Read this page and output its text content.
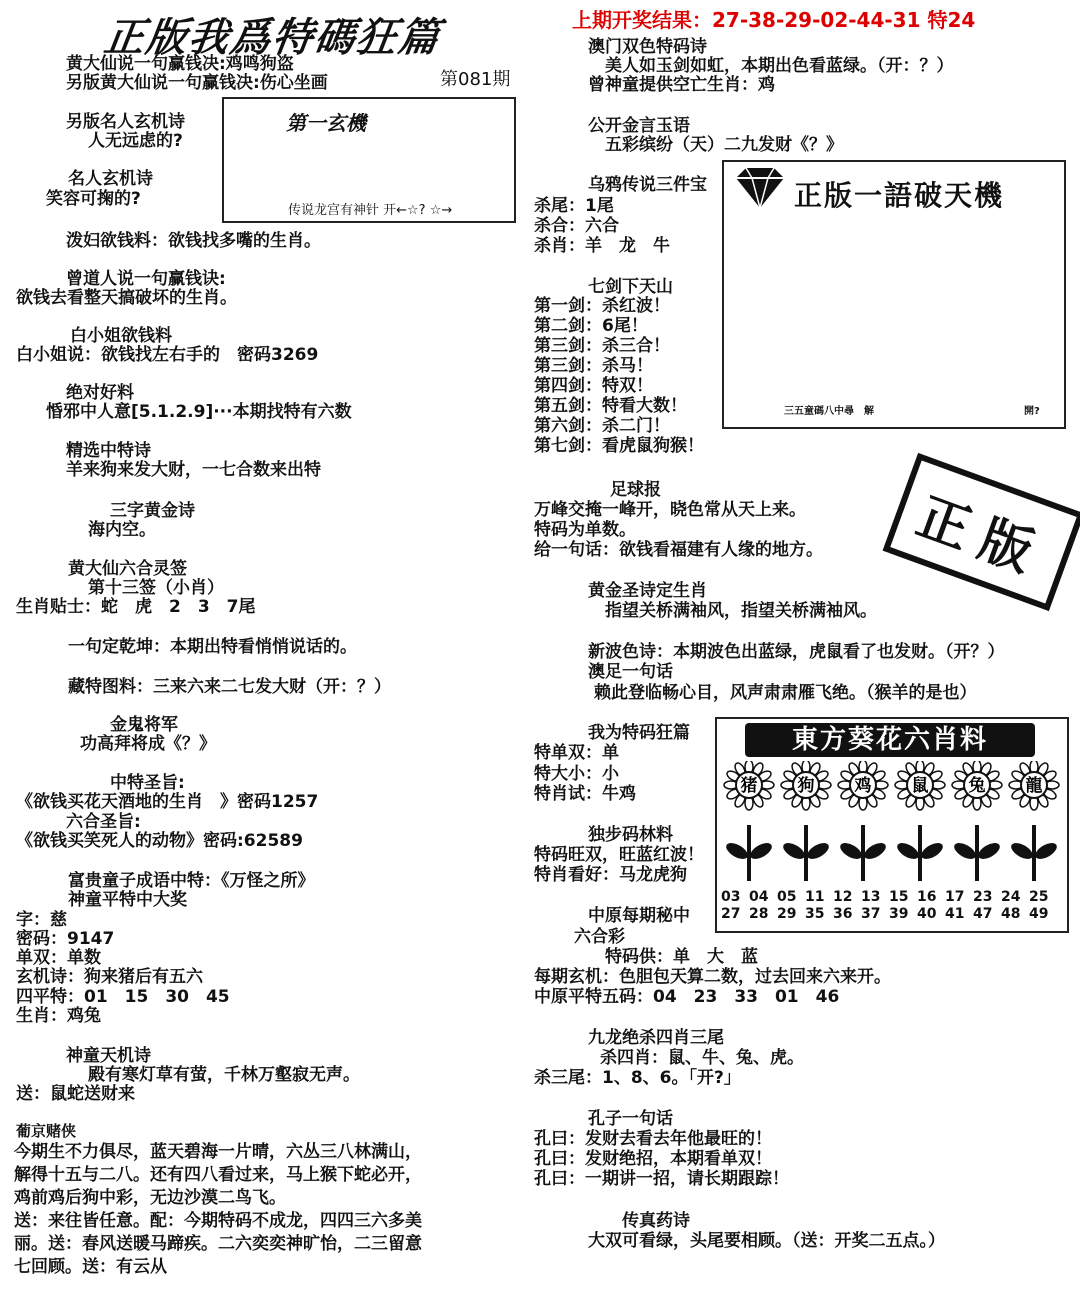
正版我爲特碼狂篇	上期开奖结果：27-38-29-02-44-31 特24
第081期
黄大仙说一句赢钱决:鸡鸣狗盗
另版黄大仙说一句赢钱决:伤心坐画
第一玄機
传说龙宫有神针 开←☆? ☆→
另版名人玄机诗
人无远虑的?
名人玄机诗
笑容可掬的?
泼妇欲钱料：欲钱找多嘴的生肖。
曾道人说一句赢钱诀:
欲钱去看整天搞破坏的生肖。
白小姐欲钱料
白小姐说：欲钱找左右手的　密码3269
绝对好料
惛邪中人意[5.1.2.9]···本期找特有六数
精选中特诗
羊来狗来发大财，一七合数来出特
三字黄金诗
海内空。
黄大仙六合灵签
第十三签（小肖）
生肖贴士：蛇　虎　2　3　7尾
一句定乾坤：本期出特看悄悄说话的。
藏特图料：三来六来二七发大财（开：？）
金鬼将军
功高拜将成《？》
中特圣旨:
《欲钱买花天酒地的生肖　》密码1257
六合圣旨:
《欲钱买笑死人的动物》密码:62589
富贵童子成语中特：《万怪之所》
神童平特中大奖
字：慈
密码：9147
单双：单数
玄机诗：狗来猪后有五六
四平特：01　15　30　45
生肖：鸡兔
神童天机诗
殿有寒灯草有萤，千林万壑寂无声。
送：鼠蛇送财来
葡京赌侠
今期生不力俱尽，蓝天碧海一片晴，六丛三八林满山，
解得十五与二八。还有四八看过来，马上猴下蛇必开，
鸡前鸡后狗中彩，无边沙漠二鸟飞。
送：来往皆任意。配：今期特码不成龙，四四三六多美
丽。送：春风送暖马蹄疾。二六奕奕神旷怡，二三留意
七回顾。送：有云从
澳门双色特码诗
美人如玉剑如虹，本期出色看蓝绿。（开：？）
曾神童提供空亡生肖：鸡
公开金言玉语
五彩缤纷（天）二九发财《？》
乌鸦传说三件宝
杀尾：1尾
杀合：六合
杀肖：羊　龙　牛
正版一語破天機
三五童碼八中尋　解	開?
七剑下天山
第一剑：杀红波！
第二剑：6尾！
第三剑：杀三合！
第三剑：杀马！
第四剑：特双！
第五剑：特看大数！
第六剑：杀二门！
第七剑：看虎鼠狗猴！
正版
足球报
万峰交掩一峰开，晓色常从天上来。
特码为单数。
给一句话：欲钱看福建有人缘的地方。
黄金圣诗定生肖
指望关桥满袖风，指望关桥满袖风。
新波色诗：本期波色出蓝绿，虎鼠看了也发财。（开？）
澳足一句话
赖此登临畅心目，风声肃肃雁飞绝。（猴羊的是也）
我为特码狂篇
特单双：单
特大小：小
特肖试：牛鸡
東方葵花六肖料
猪 狗 鸡 鼠 兔 龍
03 04 05 11 12 13 15 16 17 23 24 25
27 28 29 35 36 37 39 40 41 47 48 49
独步码林料
特码旺双，旺蓝红波！
特肖看好：马龙虎狗
中原每期秘中
六合彩
特码供：单　大　蓝
每期玄机：色胆包天算二数，过去回来六来开。
中原平特五码：04　23　33　01　46
九龙绝杀四肖三尾
杀四肖：鼠、牛、兔、虎。
杀三尾：1、8、6。「开?」
孔子一句话
孔曰：发财去看去年他最旺的！
孔曰：发财绝招，本期看单双！
孔曰：一期讲一招，请长期跟踪！
传真药诗
大双可看绿，头尾要相顾。（送：开奖二五点。）
